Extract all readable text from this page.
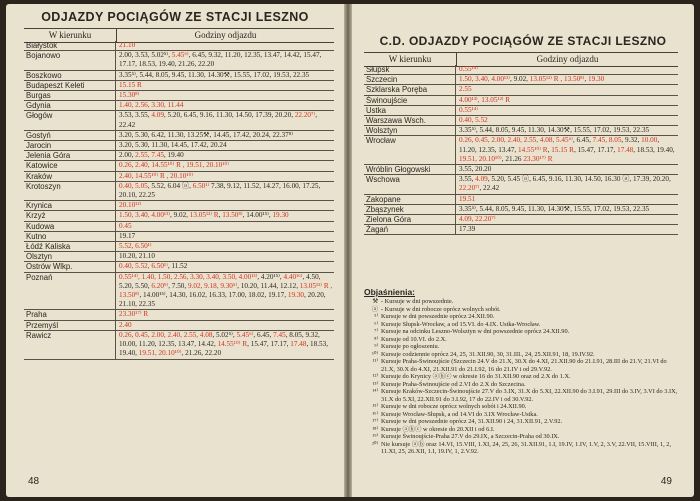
ODJAZDY POCIĄGÓW ZE STACJI LESZNO
W kierunku	Godziny odjazdu
Białystok	21.10
Bojanowo	2.00, 3.53, 5.02⁵⁾, 5.45⁶⁾, 6.45, 9.32, 11.20, 12.35, 13.47, 14.42, 15.47, 17.17, 18.53, 19.40, 21.26, 22.20
Boszkowo	3.35⁵⁾, 5.44, 8.05, 9.45, 11.30, 14.30⚒, 15.55, 17.02, 19.53, 22.35
Budapeszt Keleti	15.15 R
Burgas	15.30⁸⁾
Gdynia	1.40, 2.56, 3.30, 11.44
Głogów	3.53, 3.55, 4.09, 5.20, 6.45, 9.16, 11.30, 14.50, 17.39, 20.20, 22.20⁷⁾, 22.42
Gostyń	3.20, 5.30, 6.42, 11.30, 13.25⚒, 14.45, 17.42, 20.24, 22.37⁸⁾
Jarocin	3.20, 5.30, 11.30, 14.45, 17.42, 20.24
Jelenia Góra	2.00, 2.55, 7.45, 19.40
Katowice	0.26, 2.40, 14.55¹⁰⁾ R , 19.51, 20.10¹⁰⁾
Kraków	2.40, 14.55¹⁰⁾ R , 20.10¹⁰⁾
Krotoszyn	0.40, 5.05, 5.52, 6.04 ⓐ, 6.50¹⁾ 7.38, 9.12, 11.52, 14.27, 16.00, 17.25, 20.10, 22.25
Krynica	20.10¹²⁾
Krzyż	1.50, 3.40, 4.00¹³⁾, 9.02, 13.05¹²⁾ R, 13.50⁸⁾, 14.00¹⁵⁾, 19.30
Kudowa	0.45
Kutno	19.17
Łódź Kaliska	5.52, 6.50¹⁾
Olsztyn	10.20, 21.10
Ostrów Wlkp.	0.40, 5.52, 6.50¹⁾, 11.52
Poznań	0.55¹⁴⁾, 1.40, 1.50, 2.56, 3.30, 3.40, 3.50, 4.00¹³⁾, 4.20¹⁵⁾, 4.40¹⁶⁾, 4.50, 5.20, 5.50, 6.20⁹⁾, 7.50, 9.02, 9.18, 9.30⁵⁾, 10.20, 11.44, 12.12, 13.05¹²⁾ R , 13.50⁸⁾, 14.00¹⁵⁾, 14.30, 16.02, 16.33, 17.00, 18.02, 19.17, 19.30, 20.20, 21.10, 22.35
Praha	23.30¹⁷⁾ R
Przemyśl	2.40
Rawicz	0.26, 0.45, 2.00, 2.40, 2.55, 4.08, 5.02⁵⁾, 5.45⁶⁾, 6.45, 7.45, 8.05, 9.32, 10.00, 11.20, 12.35, 13.47, 14.42, 14.55¹⁰⁾ R, 15.47, 17.17, 17.48, 18.53, 19.40, 19.51, 20.10¹⁰⁾, 21.26, 22.20
48
C.D. ODJAZDY POCIĄGÓW ZE STACJI LESZNO
W kierunku	Godziny odjazdu
Słupsk	0.55¹⁴⁾
Szczecin	1.50, 3.40, 4.00¹³⁾, 9.02, 13.05¹²⁾ R , 13.50⁸⁾, 19.30
Szklarska Poręba	2.55
Świnoujście	4.00¹³⁾, 13.05¹²⁾ R
Ustka	0.55¹⁴⁾
Warszawa Wsch.	0.40, 5.52
Wolsztyn	3.35⁵⁾, 5.44, 8.05, 9.45, 11.30, 14.30⚒, 15.55, 17.02, 19.53, 22.35
Wrocław	0.26, 0.45, 2.00, 2.40, 2.55, 4.08, 5.45⁶⁾, 6.45, 7.45, 8.05, 9.32, 10.00, 11.20, 12.35, 13.47, 14.55¹⁰⁾ R, 15.15 R, 15.47, 17.17, 17.48, 18.53, 19.40, 19.51, 20.10¹⁰⁾, 21.26 23.30¹⁷⁾ R
Wróblin Głogowski	3.55, 20.20
Wschowa	3.55, 4.09, 5.20, 5.45 ⓐ, 6.45, 9.16, 11.30, 14.50, 16.30 ⓐ, 17.39, 20.20, 22.20⁷⁾, 22.42
Zakopane	19.51
Zbąszynek	3.35⁵⁾, 5.44, 8.05, 9.45, 11.30, 14.30⚒, 15.55, 17.02, 19.53, 22.35
Zielona Góra	4.09, 22.20⁷⁾
Żagań	17.39
Objaśnienia:
⚒ - Kursuje w dni powszednie.
ⓐ - Kursuje w dni robocze oprócz wolnych sobót.
⁵⁾ Kursuje w dni powszednie oprócz 24.XII.90.
⁶⁾ Kursuje Słupsk-Wrocław, a od 15.VI. do 4.IX. Ustka-Wrocław.
⁷⁾ Kursuje na odcinku Leszno-Wolsztyn w dni powszednie oprócz 24.XII.90.
⁸⁾ Kursuje od 10.VI. do 2.X.
⁹⁾ Kursuje po ogłoszeniu.
¹⁰⁾ Kursuje codziennie oprócz 24, 25, 31.XII.90, 30, 31.III., 24, 25.XII.91, 18, 19.IV.92.
¹¹⁾ Kursuje Praha-Świnoujście (Szczecin 24.V do 21.X, 30.X do 4.XI, 21.XII.90 do 21.I.91, 28.III do 21.V, 21.VI do 21.X, 30.X do 4.XI, 21.XII.91 do 21.I.92, 16 do 21.IV i od 29.V.92.
¹²⁾ Kursuje do Krynicy ⓐⓑⓒ w okresie 16 do 31.XII.90 oraz od 2.X do 1.X.
¹³⁾ Kursuje Praha-Świnoujście od 2.VI do 2.X do Szczecina.
¹⁴⁾ Kursuje Kraków-Szczecin-Świnoujście 27.V do 3.IX, 31.X do 5.XI, 22.XII.90 do 3.I.91, 29.III do 3.IV, 3.VI do 3.IX, 31.X do 5.XI, 22.XII.91 do 3.I.92, 17 do 22.IV i od 30.V.92.
¹⁵⁾ Kursuje w dni robocze oprócz wolnych sobót i 24.XII.90.
¹⁶⁾ Kursuje Wrocław-Słupsk, a od 14.VI do 3.IX Wrocław-Ustka.
¹⁷⁾ Kursuje w dni powszednie oprócz 24, 31.XII.90 i 24, 31.XII.91, 2.V.92.
¹⁸⁾ Kursuje ⓐⓑⓒ w okresie do 20.XII i od 6.I.
¹⁹⁾ Kursuje Świnoujście-Praha 27.V do 29.IX, a Szczecin-Praha od 30.IX.
²⁰⁾ Nie kursuje ⓐⓑ oraz 14.VI, 15.VIII, 1.XI, 24, 25, 26, 31.XII.91, 1.I, 19.IV, 1.IV, 1.V, 2, 3.V, 22.VII, 15.VIII, 1, 2, 11.XI, 25, 26.XII, 1.I, 19.IV, 1, 2.V.92.
49
